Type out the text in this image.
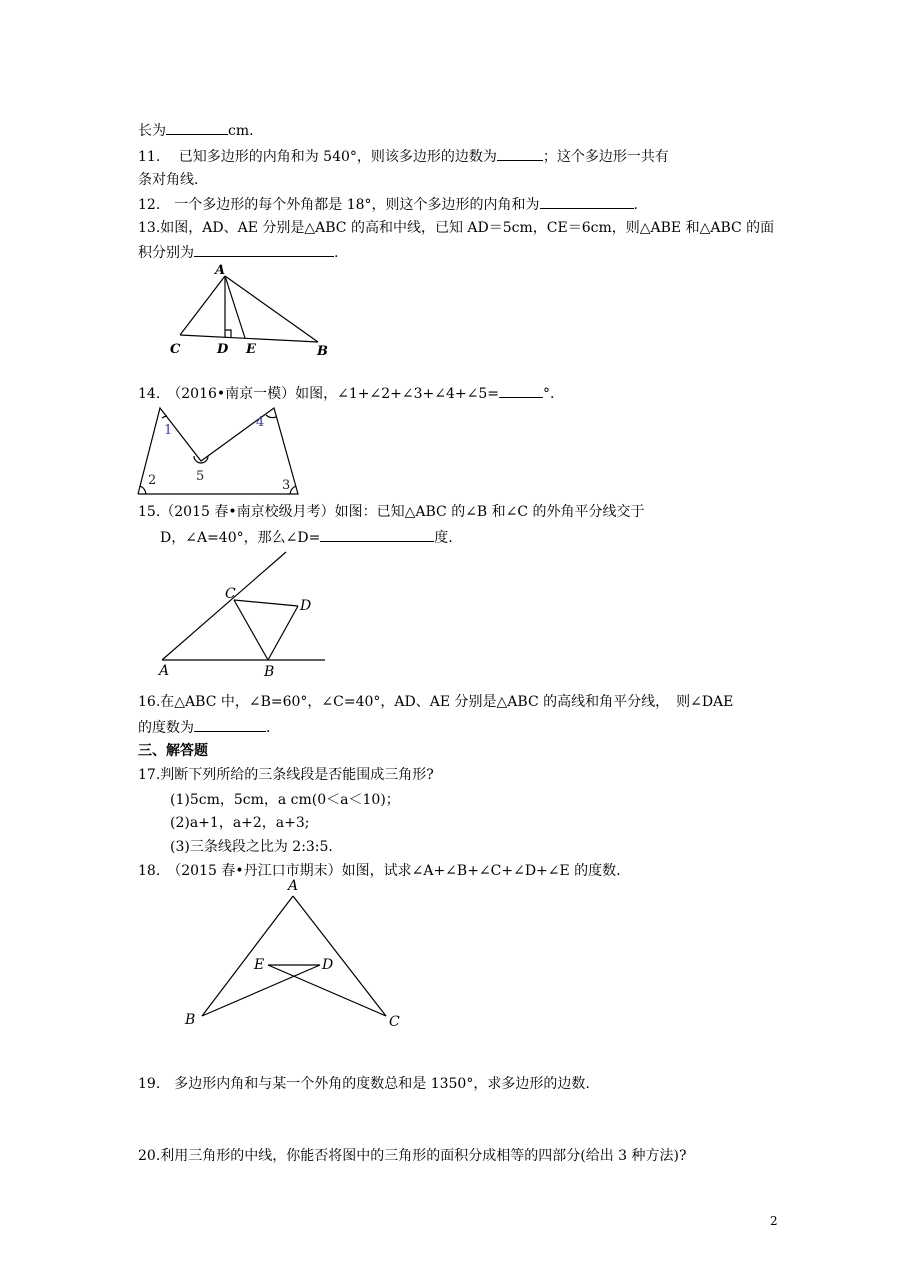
长为	cm.
11.　 已知多边形的内角和为 540°，则该多边形的边数为	；这个多边形一共有
条对角线.
12.　一个多边形的每个外角都是 18°，则这个多边形的内角和为	.
13.如图，AD、AE 分别是△ABC 的高和中线，已知 AD＝5cm，CE＝6cm，则△ABE 和△ABC 的面
积分别为	.
A
C	D E	B
14.　（2016•南京一模）如图，∠1+∠2+∠3+∠4+∠5=	°.
1
2	3
4
5
15.（2015 春•南京校级月考）如图：已知△ABC 的∠B 和∠C 的外角平分线交于
D，∠A=40°，那么∠D=	度.
A	B
C
D
16.在△ABC 中，∠B=60°，∠C=40°，AD、AE 分别是△ABC 的高线和角平分线，　则∠DAE
的度数为	.
三、解答题
17.判断下列所给的三条线段是否能围成三角形?
(1)5cm，5cm，a cm(0＜a＜10)；
(2)a+1，a+2，a+3;
(3)三条线段之比为 2:3:5.
18.　（2015 春•丹江口市期末）如图，试求∠A+∠B+∠C+∠D+∠E 的度数.
A
B	C
D
E
19.　多边形内角和与某一个外角的度数总和是 1350°，求多边形的边数.
20.利用三角形的中线，你能否将图中的三角形的面积分成相等的四部分(给出 3 种方法)?
2
